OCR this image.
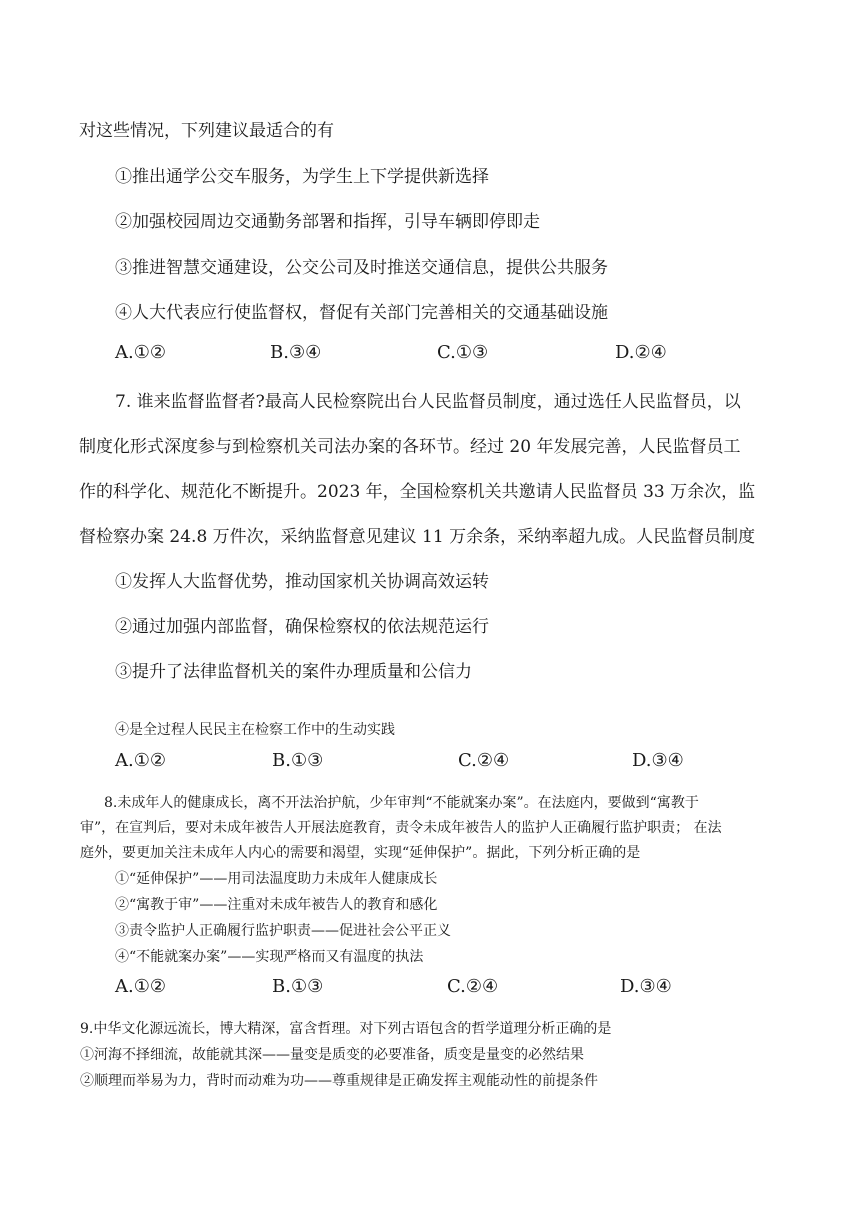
对这些情况，下列建议最适合的有
①推出通学公交车服务，为学生上下学提供新选择
②加强校园周边交通勤务部署和指挥，引导车辆即停即走
③推进智慧交通建设，公交公司及时推送交通信息，提供公共服务
④人大代表应行使监督权，督促有关部门完善相关的交通基础设施
A.①②	B.③④	C.①③	D.②④
7. 谁来监督监督者?最高人民检察院出台人民监督员制度，通过选任人民监督员，以
制度化形式深度参与到检察机关司法办案的各环节。经过 20 年发展完善，人民监督员工
作的科学化、规范化不断提升。2023 年，全国检察机关共邀请人民监督员 33 万余次，监
督检察办案 24.8 万件次，采纳监督意见建议 11 万余条，采纳率超九成。人民监督员制度
①发挥人大监督优势，推动国家机关协调高效运转
②通过加强内部监督，确保检察权的依法规范运行
③提升了法律监督机关的案件办理质量和公信力
④是全过程人民民主在检察工作中的生动实践
A.①②	B.①③	C.②④	D.③④
8.未成年人的健康成长，离不开法治护航，少年审判“不能就案办案”。在法庭内，要做到“寓教于
审”，在宣判后，要对未成年被告人开展法庭教育，责令未成年被告人的监护人正确履行监护职责； 在法
庭外，要更加关注未成年人内心的需要和渴望，实现“延伸保护”。据此，下列分析正确的是
①“延伸保护”——用司法温度助力未成年人健康成长
②“寓教于审”——注重对未成年被告人的教育和感化
③责令监护人正确履行监护职责——促进社会公平正义
④“不能就案办案”——实现严格而又有温度的执法
A.①②	B.①③	C.②④	D.③④
9.中华文化源远流长，博大精深，富含哲理。对下列古语包含的哲学道理分析正确的是
①河海不择细流，故能就其深——量变是质变的必要准备，质变是量变的必然结果
②顺理而举易为力，背时而动难为功——尊重规律是正确发挥主观能动性的前提条件
